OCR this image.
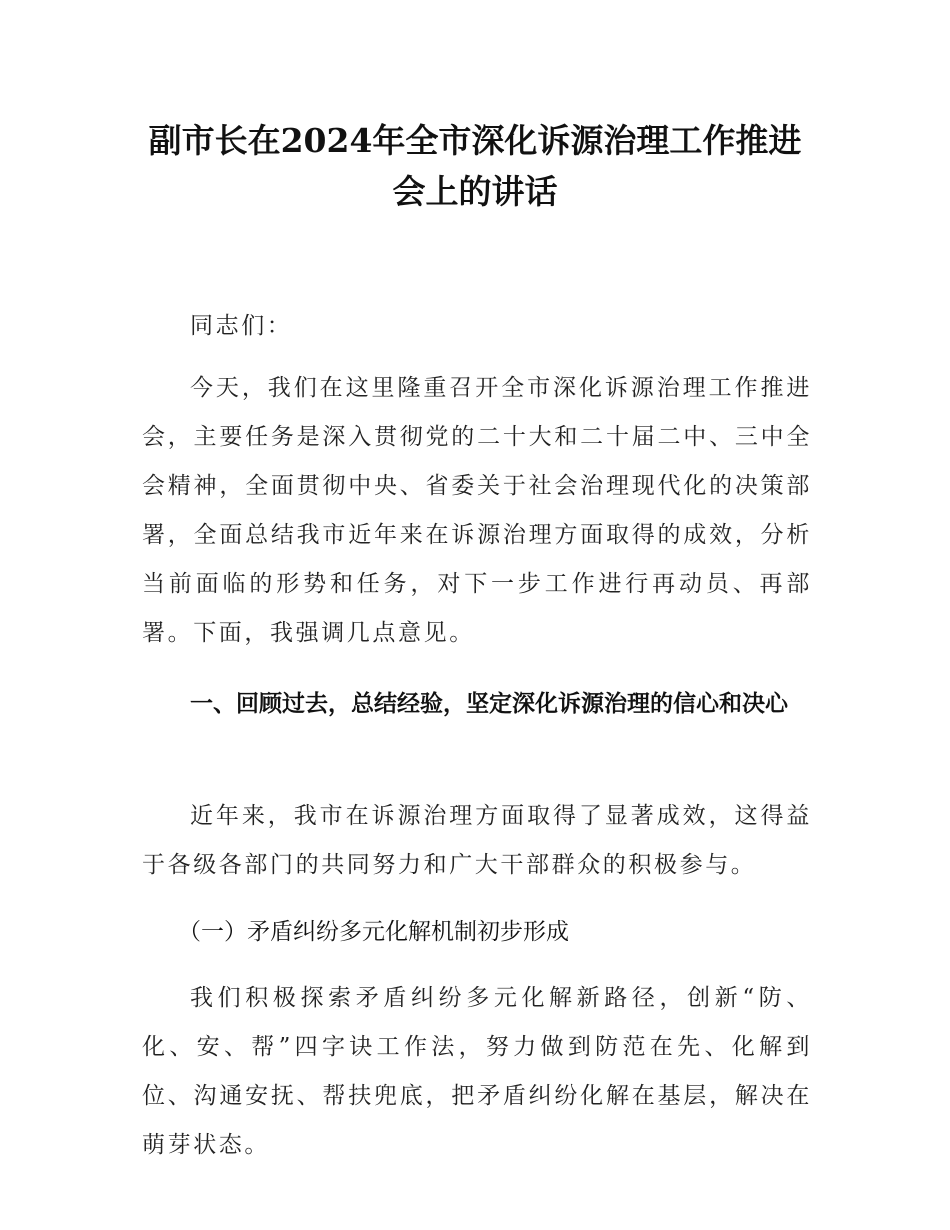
副市长在2024年全市深化诉源治理工作推进
会上的讲话

同志们：

今天，我们在这里隆重召开全市深化诉源治理工作推进会，主要任务是深入贯彻党的二十大和二十届二中、三中全会精神，全面贯彻中央、省委关于社会治理现代化的决策部署，全面总结我市近年来在诉源治理方面取得的成效，分析当前面临的形势和任务，对下一步工作进行再动员、再部署。下面，我强调几点意见。

一、回顾过去，总结经验，坚定深化诉源治理的信心和决心

近年来，我市在诉源治理方面取得了显著成效，这得益于各级各部门的共同努力和广大干部群众的积极参与。

（一）矛盾纠纷多元化解机制初步形成

我们积极探索矛盾纠纷多元化解新路径，创新“防、化、安、帮”四字诀工作法，努力做到防范在先、化解到位、沟通安抚、帮扶兜底，把矛盾纠纷化解在基层，解决在萌芽状态。
